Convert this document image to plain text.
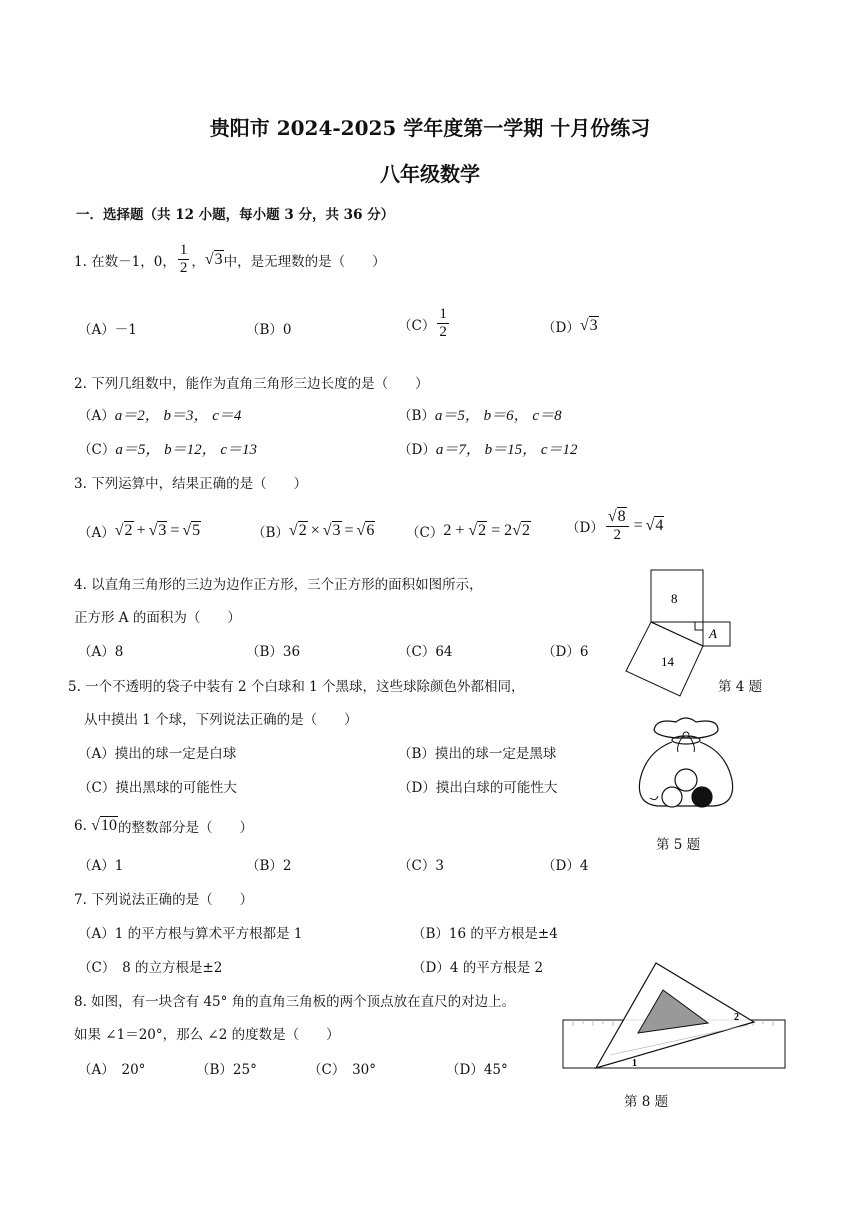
贵阳市 2024-2025 学年度第一学期 十月份练习
八年级数学
一．选择题（共 12 小题，每小题 3 分，共 36 分）
1. 在数－1，0， $\frac{1}{2}$ ， √3 中，是无理数的是（　　）
（A）－1	（B）0	$(C) \frac{1}{2}$	（D） √3
2. 下列几组数中，能作为直角三角形三边长度的是（　　）
（A）a＝2， b＝3， c＝4	（B）a＝5， b＝6， c＝8
（C）a＝5， b＝12， c＝13	（D）a＝7， b＝15， c＝12
3. 下列运算中，结果正确的是（　　）
（A） √2 + √3 = √5	（B） √2 × √3 = √6 （C） 2 + √2 = 2 √2	$(D) \frac{√8}{2} = √4$
4. 以直角三角形的三边为边作正方形，三个正方形的面积如图所示，
正方形 A 的面积为（　　）
（A）8	（B）36	（C）64	（D）6
8
A
14
第 4 题
5. 一个不透明的袋子中装有 2 个白球和 1 个黑球，这些球除颜色外都相同，
从中摸出 1 个球，下列说法正确的是（　　）
（A）摸出的球一定是白球	（B）摸出的球一定是黑球
（C）摸出黑球的可能性大	（D）摸出白球的可能性大
第 5 题
6. √10 的整数部分是（　　）
（A）1	（B）2	（C）3	（D）4
7. 下列说法正确的是（　　）
（A）1 的平方根与算术平方根都是 1	（B）16 的平方根是±4
（C）　8 的立方根是±2	（D）4 的平方根是 2
8. 如图，有一块含有 45° 角的直角三角板的两个顶点放在直尺的对边上。
如果 ∠1＝20°，那么 ∠2 的度数是（　　）
（A）　20°	（B）25°	（C）　30°	（D）45°
2
1
第 8 题
